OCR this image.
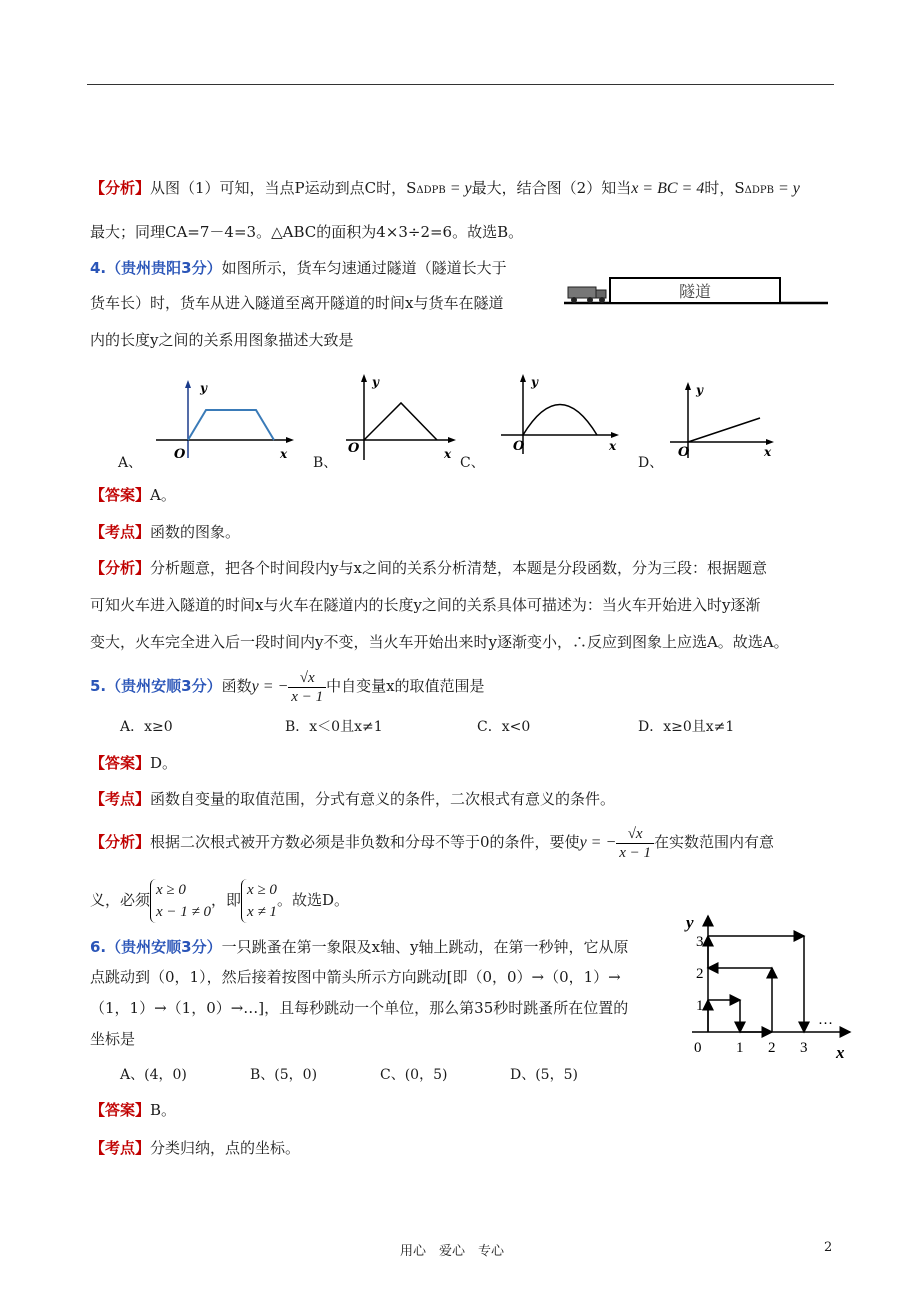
【分析】从图（1）可知，当点P运动到点C时，SΔDPB = y最大，结合图（2）知当x = BC = 4时，SΔDPB = y
最大；同理CA=7－4=3。△ABC的面积为4×3÷2=6。故选B。
4.（贵州贵阳3分）如图所示，货车匀速通过隧道（隧道长大于
货车长）时，货车从进入隧道至离开隧道的时间x与货车在隧道
内的长度y之间的关系用图象描述大致是
隧道
A、
y
x
O
B、
y
x
O
C、
y
x
O
D、
y
x
O
【答案】A。
【考点】函数的图象。
【分析】分析题意，把各个时间段内y与x之间的关系分析清楚，本题是分段函数，分为三段：根据题意
可知火车进入隧道的时间x与火车在隧道内的长度y之间的关系具体可描述为：当火车开始进入时y逐渐
变大，火车完全进入后一段时间内y不变，当火车开始出来时y逐渐变小，∴反应到图象上应选A。故选A。
5.（贵州安顺3分）函数y = − $\frac{√x}{x - 1}$ 中自变量x的取值范围是
A．x≥0	B．x＜0且x≠1	C．x<0	D．x≥0且x≠1
【答案】D。
【考点】函数自变量的取值范围，分式有意义的条件，二次根式有意义的条件。
【分析】根据二次根式被开方数必须是非负数和分母不等于0的条件，要使y = − $\frac{√x}{x - 1}$ 在实数范围内有意
义，必须
x ≥ 0
x − 1 ≠ 0
，即
x ≥ 0
x ≠ 1
。故选D。
6.（贵州安顺3分）一只跳蚤在第一象限及x轴、y轴上跳动，在第一秒钟，它从原
点跳动到（0，1），然后接着按图中箭头所示方向跳动[即（0，0）→（0，1）→
（1，1）→（1，0）→…]，且每秒跳动一个单位，那么第35秒时跳蚤所在位置的
坐标是
A、(4，0)	B、(5，0)	C、(0，5)	D、(5，5)
0 1 2 3
1
2
3
y
x
…
【答案】B。
【考点】分类归纳，点的坐标。
用心　爱心　专心	2
